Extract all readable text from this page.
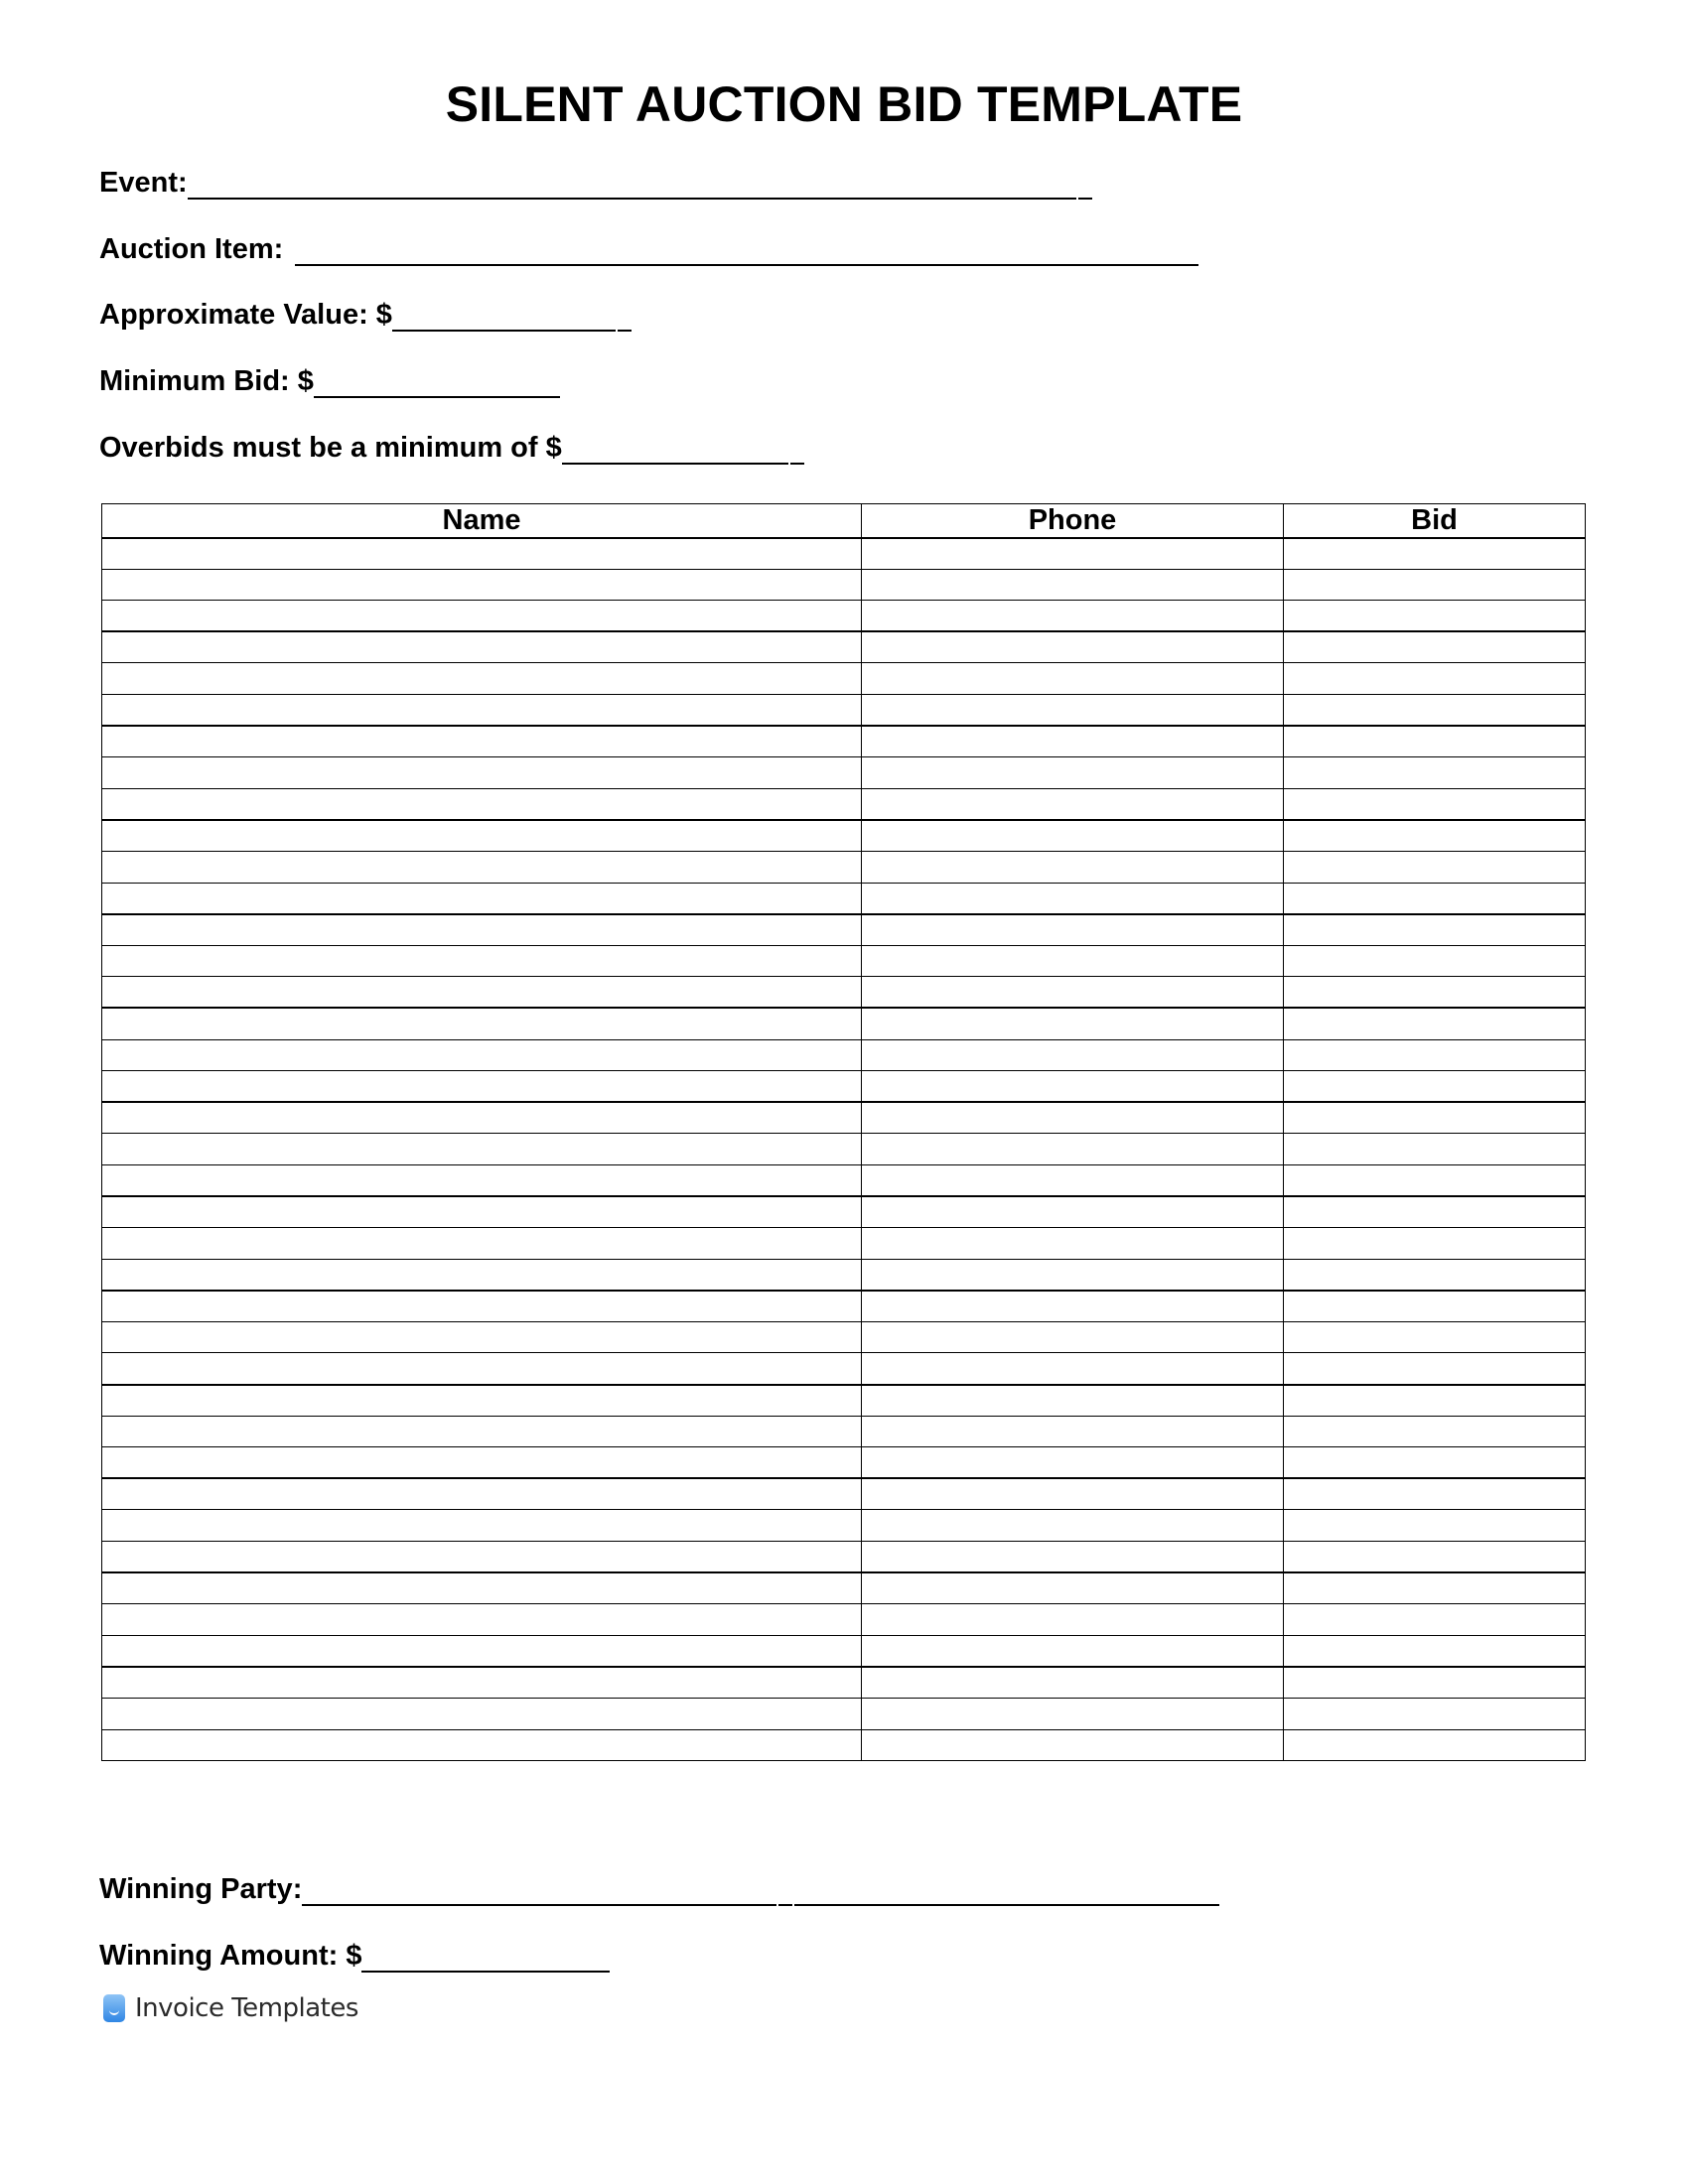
SILENT AUCTION BID TEMPLATE
Event:
Auction Item:
Approximate Value: $
Minimum Bid: $
Overbids must be a minimum of $
Name	Phone	Bid

Winning Party:
Winning Amount: $
Invoice Templates
